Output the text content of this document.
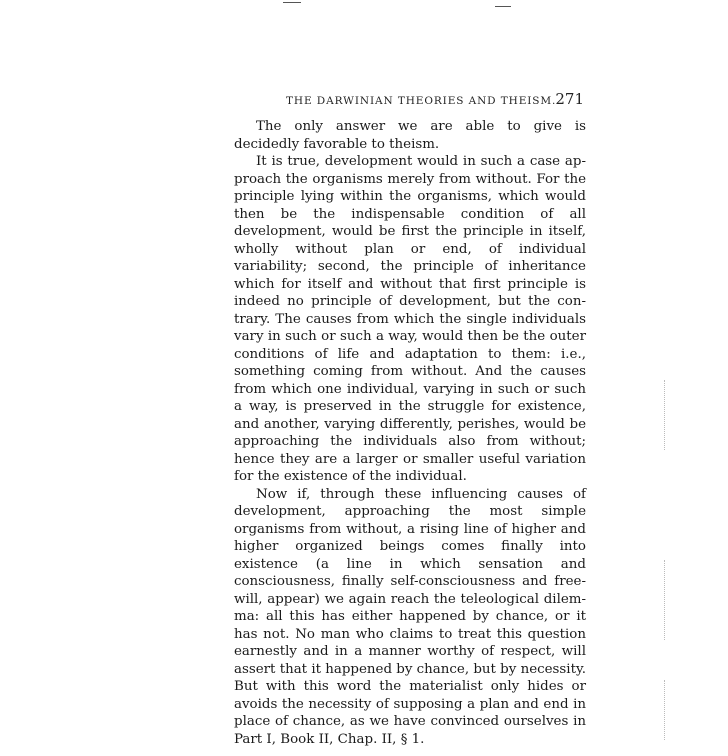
THE DARWINIAN THEORIES AND THEISM. 271

The only answer we are able to give is decidedly favorable to theism.

It is true, development would in such a case approach the organisms merely from without. For the principle lying within the organisms, which would then be the indispensable condition of all development, would be first the principle in itself, wholly without plan or end, of individual variability; second, the principle of inheritance which for itself and without that first principle is indeed no principle of development, but the contrary. The causes from which the single individuals vary in such or such a way, would then be the outer conditions of life and adaptation to them: i.e., something coming from without. And the causes from which one individual, varying in such or such a way, is preserved in the struggle for existence, and another, varying differently, perishes, would be approaching the individuals also from without; hence they are a larger or smaller useful variation for the existence of the individual.

Now if, through these influencing causes of development, approaching the most simple organisms from without, a rising line of higher and higher organized beings comes finally into existence (a line in which sensation and consciousness, finally self-consciousness and free-will, appear) we again reach the teleological dilemma: all this has either happened by chance, or it has not. No man who claims to treat this question earnestly and in a manner worthy of respect, will assert that it happened by chance, but by necessity. But with this word the materialist only hides or avoids the necessity of supposing a plan and end in place of chance, as we have convinced ourselves in Part I, Book II, Chap. II, § 1.
